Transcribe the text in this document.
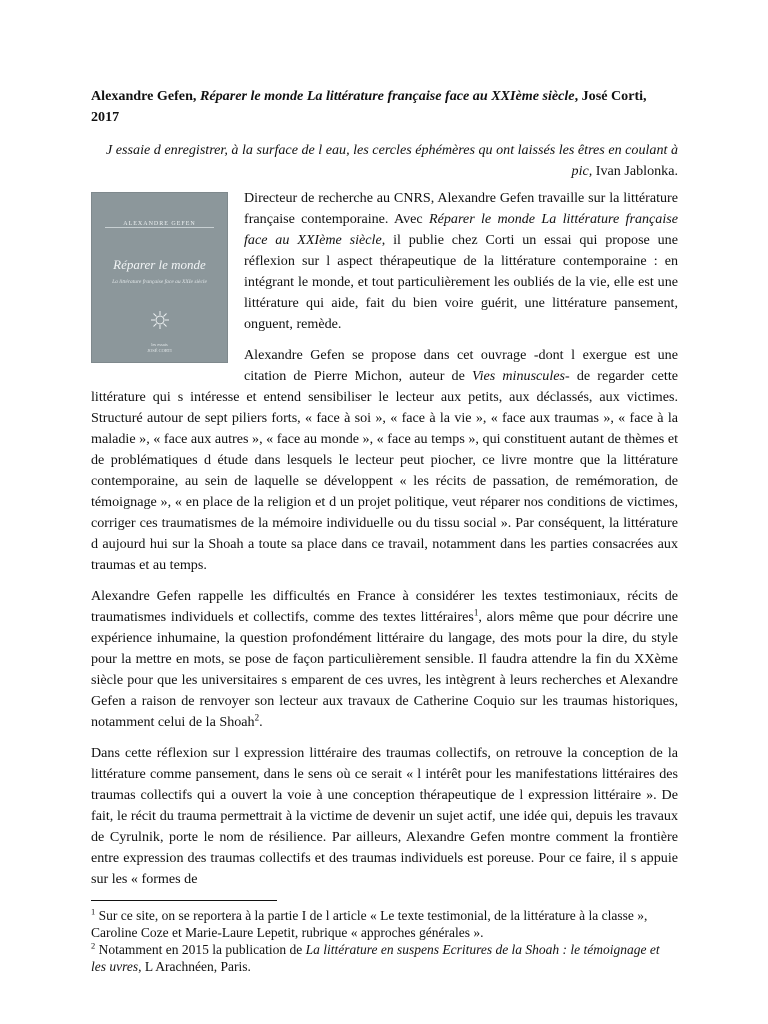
Alexandre Gefen, Réparer le monde La littérature française face au XXIème siècle, José Corti, 2017

J essaie d enregistrer, à la surface de l eau, les cercles éphémères qu ont laissés les êtres en coulant à pic, Ivan Jablonka.

ALEXANDRE GEFEN
Réparer le monde
La littérature française face au XXIe siècle
les essais
JOSÉ CORTI

Directeur de recherche au CNRS, Alexandre Gefen travaille sur la littérature française contemporaine. Avec Réparer le monde La littérature française face au XXIème siècle, il publie chez Corti un essai qui propose une réflexion sur l aspect thérapeutique de la littérature contemporaine : en intégrant le monde, et tout particulièrement les oubliés de la vie, elle est une littérature qui aide, fait du bien voire guérit, une littérature pansement, onguent, remède.

Alexandre Gefen se propose dans cet ouvrage -dont l exergue est une citation de Pierre Michon, auteur de Vies minuscules- de regarder cette littérature qui s intéresse et entend sensibiliser le lecteur aux petits, aux déclassés, aux victimes. Structuré autour de sept piliers forts, « face à soi », « face à la vie », « face aux traumas », « face à la maladie », « face aux autres », « face au monde », « face au temps », qui constituent autant de thèmes et de problématiques d étude dans lesquels le lecteur peut piocher, ce livre montre que la littérature contemporaine, au sein de laquelle se développent « les récits de passation, de remémoration, de témoignage », « en place de la religion et d un projet politique, veut réparer nos conditions de victimes, corriger ces traumatismes de la mémoire individuelle ou du tissu social ». Par conséquent, la littérature d aujourd hui sur la Shoah a toute sa place dans ce travail, notamment dans les parties consacrées aux traumas et au temps.

Alexandre Gefen rappelle les difficultés en France à considérer les textes testimoniaux, récits de traumatismes individuels et collectifs, comme des textes littéraires$^1$, alors même que pour décrire une expérience inhumaine, la question profondément littéraire du langage, des mots pour la dire, du style pour la mettre en mots, se pose de façon particulièrement sensible. Il faudra attendre la fin du XXème siècle pour que les universitaires s emparent de ces uvres, les intègrent à leurs recherches et Alexandre Gefen a raison de renvoyer son lecteur aux travaux de Catherine Coquio sur les traumas historiques, notamment celui de la Shoah$^2$.

Dans cette réflexion sur l expression littéraire des traumas collectifs, on retrouve la conception de la littérature comme pansement, dans le sens où ce serait « l intérêt pour les manifestations littéraires des traumas collectifs qui a ouvert la voie à une conception thérapeutique de l expression littéraire ». De fait, le récit du trauma permettrait à la victime de devenir un sujet actif, une idée qui, depuis les travaux de Cyrulnik, porte le nom de résilience. Par ailleurs, Alexandre Gefen montre comment la frontière entre expression des traumas collectifs et des traumas individuels est poreuse. Pour ce faire, il s appuie sur les « formes de

$^1$ Sur ce site, on se reportera à la partie I de l article « Le texte testimonial, de la littérature à la classe », Caroline Coze et Marie-Laure Lepetit, rubrique « approches générales ».

$^2$ Notamment en 2015 la publication de La littérature en suspens Ecritures de la Shoah : le témoignage et les uvres, L Arachnéen, Paris.
